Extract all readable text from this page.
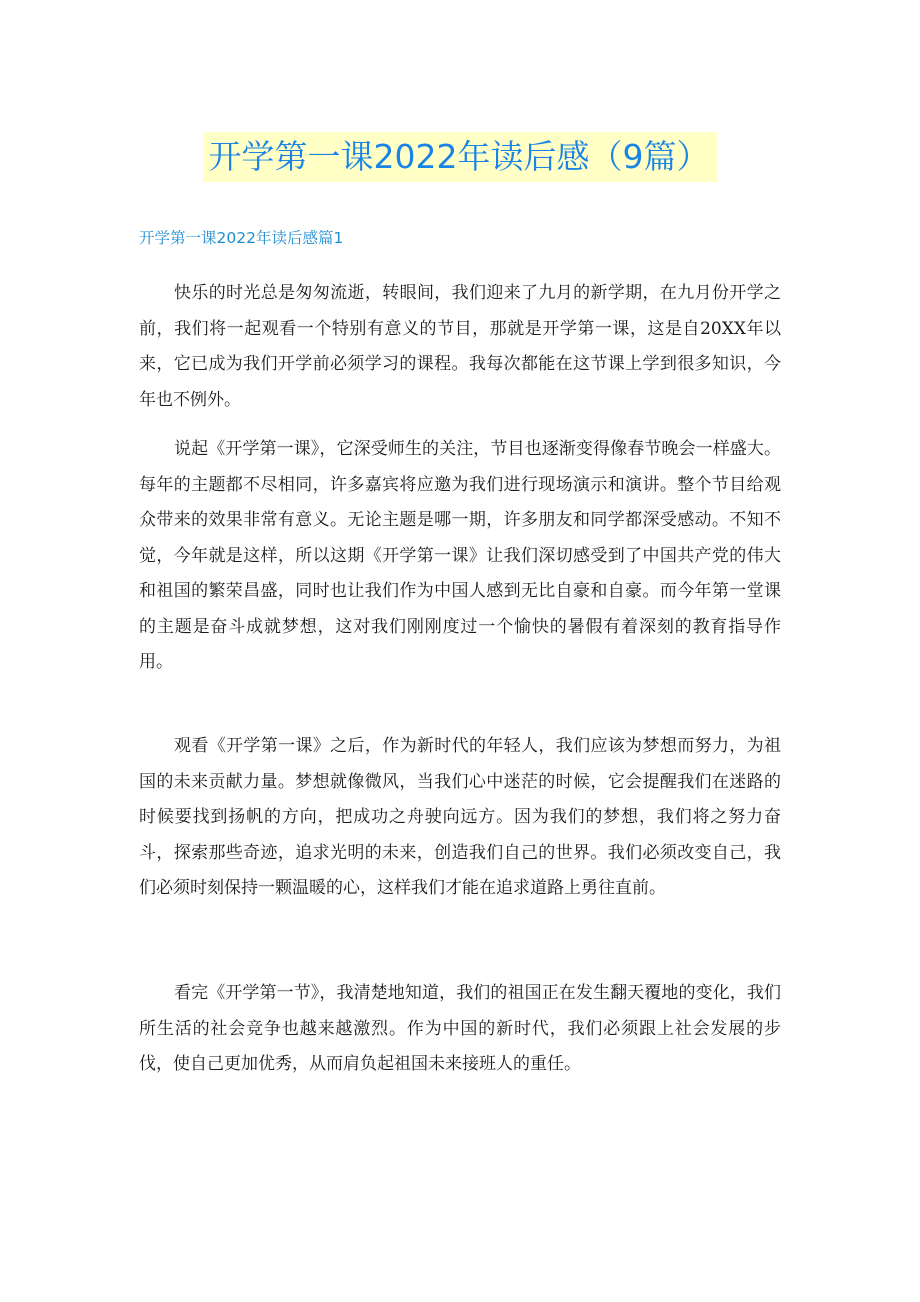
开学第一课2022年读后感（9篇）
开学第一课2022年读后感篇1

快乐的时光总是匆匆流逝，转眼间，我们迎来了九月的新学期，在九月份开学之前，我们将一起观看一个特别有意义的节目，那就是开学第一课，这是自20XX年以来，它已成为我们开学前必须学习的课程。我每次都能在这节课上学到很多知识，今年也不例外。

说起《开学第一课》，它深受师生的关注，节目也逐渐变得像春节晚会一样盛大。每年的主题都不尽相同，许多嘉宾将应邀为我们进行现场演示和演讲。整个节目给观众带来的效果非常有意义。无论主题是哪一期，许多朋友和同学都深受感动。不知不觉，今年就是这样，所以这期《开学第一课》让我们深切感受到了中国共产党的伟大和祖国的繁荣昌盛，同时也让我们作为中国人感到无比自豪和自豪。而今年第一堂课的主题是奋斗成就梦想，这对我们刚刚度过一个愉快的暑假有着深刻的教育指导作用。

观看《开学第一课》之后，作为新时代的年轻人，我们应该为梦想而努力，为祖国的未来贡献力量。梦想就像微风，当我们心中迷茫的时候，它会提醒我们在迷路的时候要找到扬帆的方向，把成功之舟驶向远方。因为我们的梦想，我们将之努力奋斗，探索那些奇迹，追求光明的未来，创造我们自己的世界。我们必须改变自己，我们必须时刻保持一颗温暖的心，这样我们才能在追求道路上勇往直前。

看完《开学第一节》，我清楚地知道，我们的祖国正在发生翻天覆地的变化，我们所生活的社会竞争也越来越激烈。作为中国的新时代，我们必须跟上社会发展的步伐，使自己更加优秀，从而肩负起祖国未来接班人的重任。
